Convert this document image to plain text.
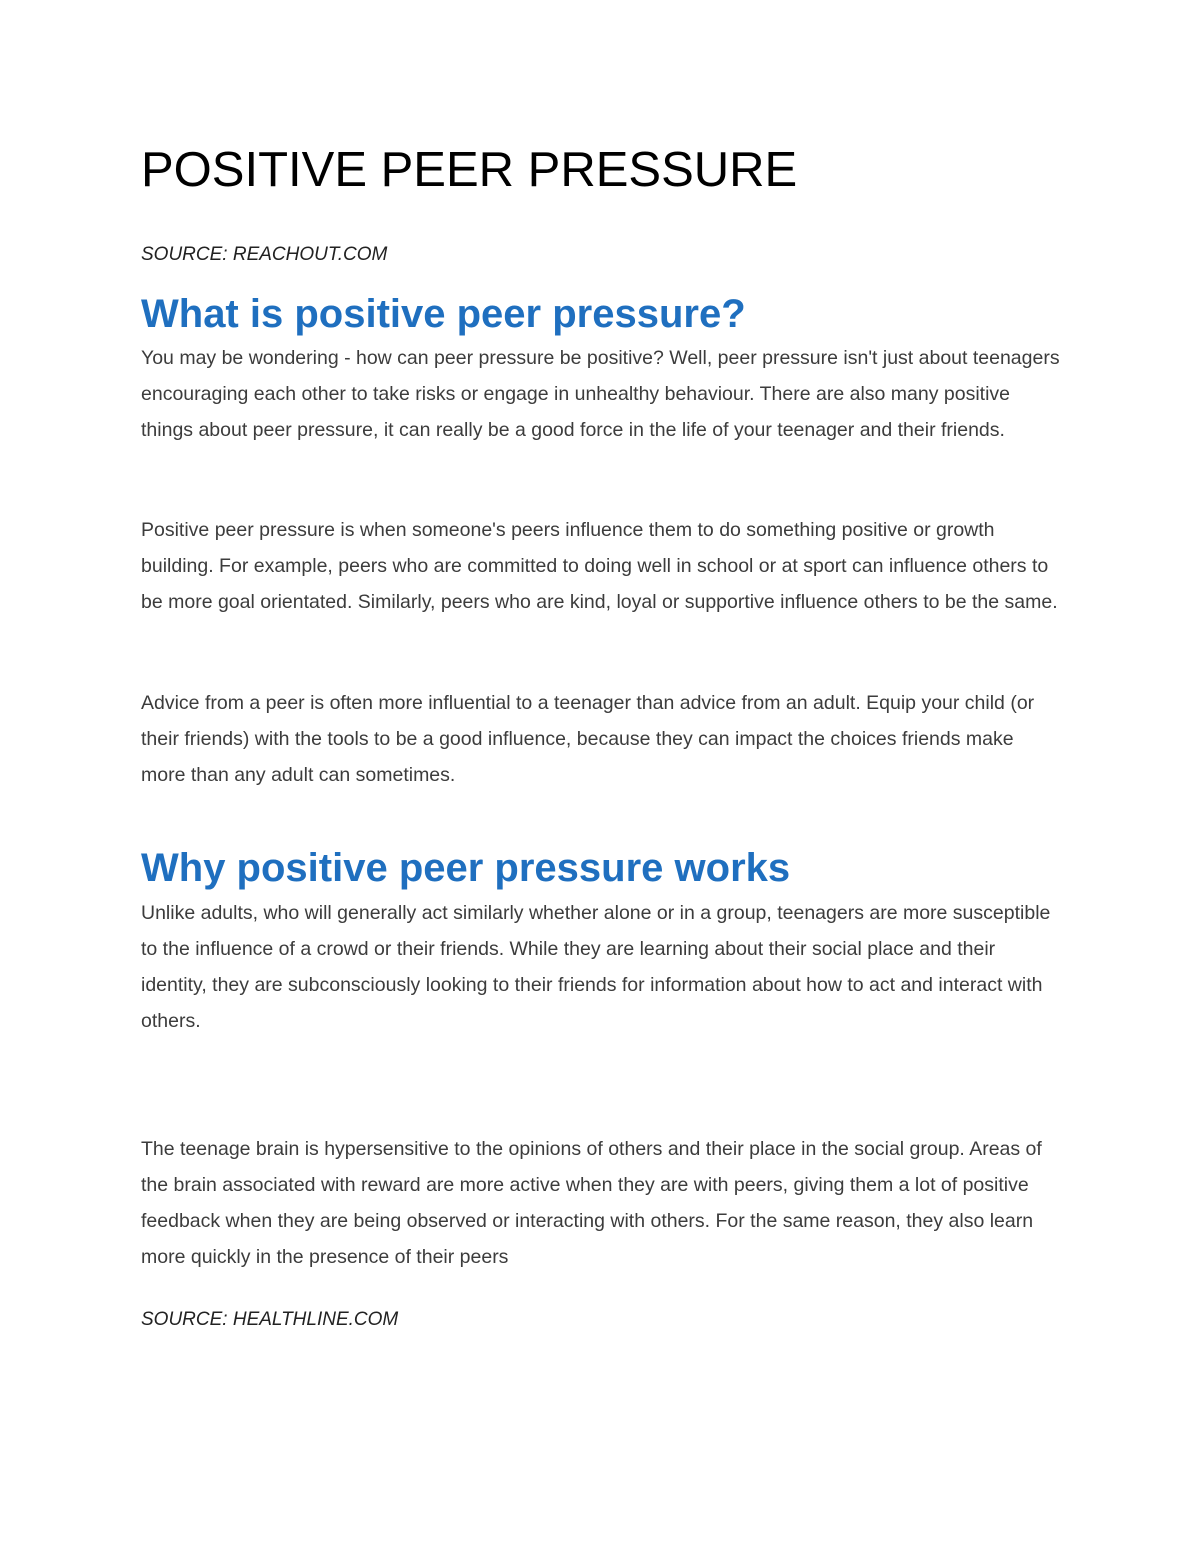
POSITIVE PEER PRESSURE

SOURCE: REACHOUT.COM

What is positive peer pressure?

You may be wondering - how can peer pressure be positive? Well, peer pressure isn't just about teenagers encouraging each other to take risks or engage in unhealthy behaviour. There are also many positive things about peer pressure, it can really be a good force in the life of your teenager and their friends.

Positive peer pressure is when someone's peers influence them to do something positive or growth building. For example, peers who are committed to doing well in school or at sport can influence others to be more goal orientated. Similarly, peers who are kind, loyal or supportive influence others to be the same.

Advice from a peer is often more influential to a teenager than advice from an adult. Equip your child (or their friends) with the tools to be a good influence, because they can impact the choices friends make more than any adult can sometimes.

Why positive peer pressure works

Unlike adults, who will generally act similarly whether alone or in a group, teenagers are more susceptible to the influence of a crowd or their friends. While they are learning about their social place and their identity, they are subconsciously looking to their friends for information about how to act and interact with others.

The teenage brain is hypersensitive to the opinions of others and their place in the social group. Areas of the brain associated with reward are more active when they are with peers, giving them a lot of positive feedback when they are being observed or interacting with others. For the same reason, they also learn more quickly in the presence of their peers

SOURCE: HEALTHLINE.COM
